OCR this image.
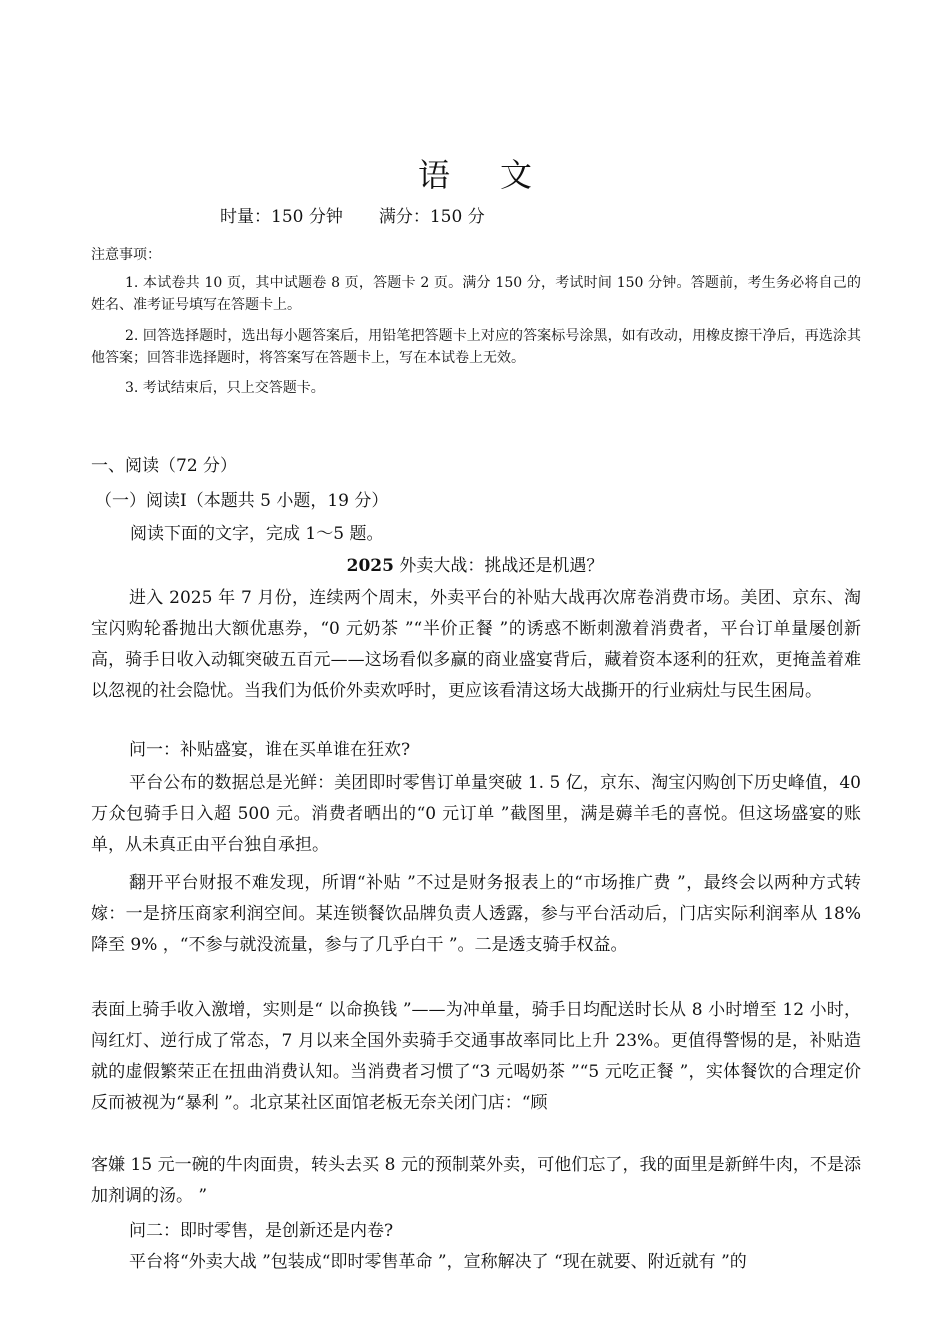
语文
时量：150 分钟 满分：150 分
注意事项：

1. 本试卷共 10 页，其中试题卷 8 页，答题卡 2 页。满分 150 分，考试时间 150 分钟。答题前，考生务必将自己的姓名、准考证号填写在答题卡上。

2. 回答选择题时，选出每小题答案后，用铅笔把答题卡上对应的答案标号涂黑，如有改动，用橡皮擦干净后，再选涂其他答案；回答非选择题时，将答案写在答题卡上，写在本试卷上无效。

3. 考试结束后，只上交答题卡。

一、阅读（72 分）
（一）阅读Ⅰ（本题共 5 小题，19 分）
阅读下面的文字，完成 1～5 题。
2025 外卖大战：挑战还是机遇？

进入 2025 年 7 月份，连续两个周末，外卖平台的补贴大战再次席卷消费市场。美团、京东、淘宝闪购轮番抛出大额优惠券，“0 元奶茶 ”“半价正餐 ”的诱惑不断刺激着消费者，平台订单量屡创新高，骑手日收入动辄突破五百元——这场看似多赢的商业盛宴背后，藏着资本逐利的狂欢，更掩盖着难以忽视的社会隐忧。当我们为低价外卖欢呼时，更应该看清这场大战撕开的行业病灶与民生困局。

问一：补贴盛宴，谁在买单谁在狂欢?

平台公布的数据总是光鲜：美团即时零售订单量突破 1. 5 亿，京东、淘宝闪购创下历史峰值，40 万众包骑手日入超 500 元。消费者晒出的“0 元订单 ”截图里，满是薅羊毛的喜悦。但这场盛宴的账单，从未真正由平台独自承担。

翻开平台财报不难发现，所谓“补贴 ”不过是财务报表上的“市场推广费 ”，最终会以两种方式转嫁：一是挤压商家利润空间。某连锁餐饮品牌负责人透露，参与平台活动后，门店实际利润率从 18%降至 9% ，“不参与就没流量，参与了几乎白干 ”。二是透支骑手权益。

表面上骑手收入激增，实则是“ 以命换钱 ”——为冲单量，骑手日均配送时长从 8 小时增至 12 小时，闯红灯、逆行成了常态，7 月以来全国外卖骑手交通事故率同比上升 23%。更值得警惕的是，补贴造就的虚假繁荣正在扭曲消费认知。当消费者习惯了“3 元喝奶茶 ”“5 元吃正餐 ”，实体餐饮的合理定价反而被视为“暴利 ”。北京某社区面馆老板无奈关闭门店：“顾

客嫌 15 元一碗的牛肉面贵，转头去买 8 元的预制菜外卖，可他们忘了，我的面里是新鲜牛肉，不是添加剂调的汤。 ”

问二：即时零售，是创新还是内卷?

平台将“外卖大战 ”包装成“即时零售革命 ”，宣称解决了 “现在就要、附近就有 ”的
